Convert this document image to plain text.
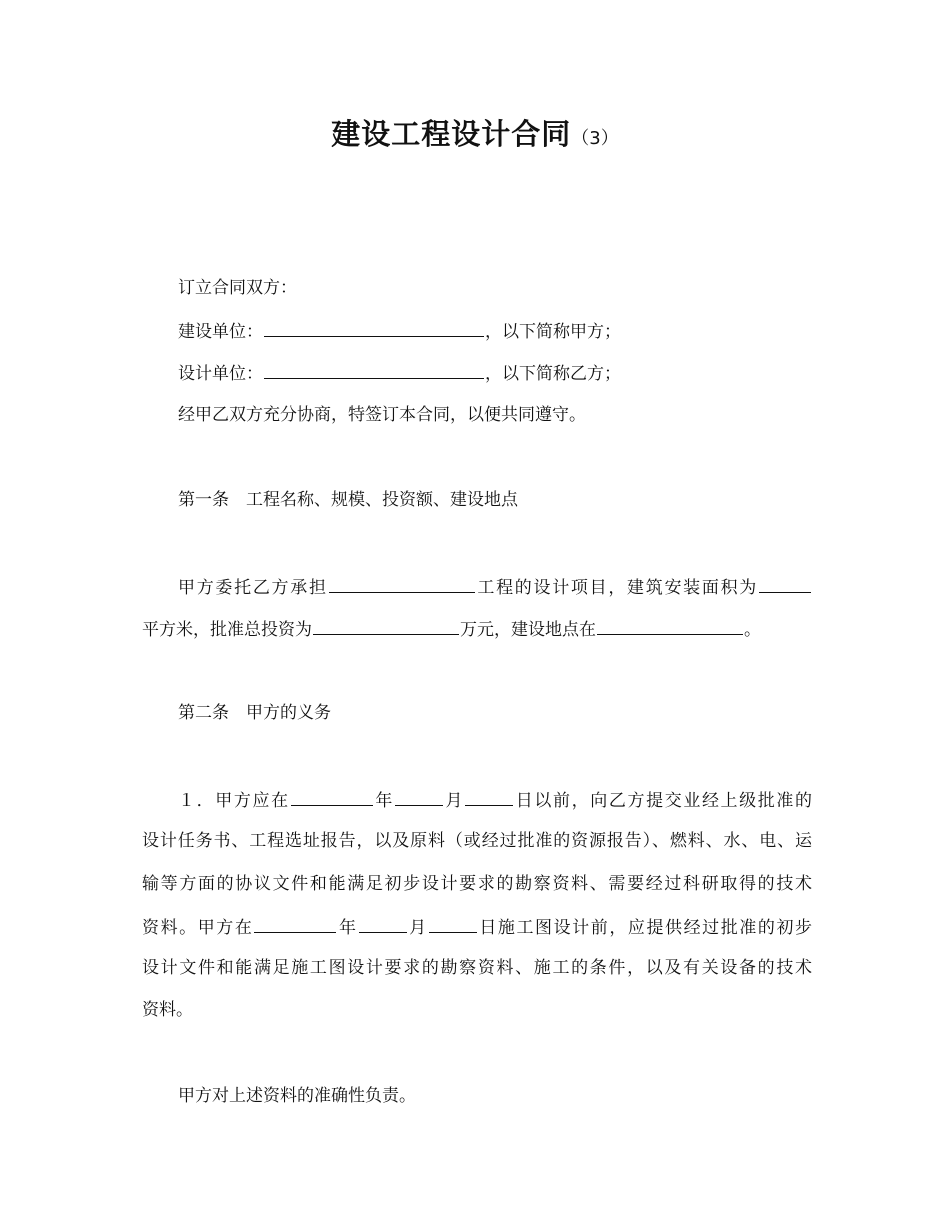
建设工程设计合同（3）
订立合同双方：
建设单位：	，以下简称甲方；
设计单位：	，以下简称乙方；
经甲乙双方充分协商，特签订本合同，以便共同遵守。
第一条　工程名称、规模、投资额、建设地点
甲方委托乙方承担	工程的设计项目，建筑安装面积为
平方米，批准总投资为	万元，建设地点在	。
第二条　甲方的义务
１．甲方应在	年	月	日以前，向乙方提交业经上级批准的
设计任务书、工程选址报告，以及原料（或经过批准的资源报告）、燃料、水、电、运
输等方面的协议文件和能满足初步设计要求的勘察资料、需要经过科研取得的技术
资料。甲方在	年	月	日施工图设计前，应提供经过批准的初步
设计文件和能满足施工图设计要求的勘察资料、施工的条件，以及有关设备的技术
资料。
甲方对上述资料的准确性负责。
